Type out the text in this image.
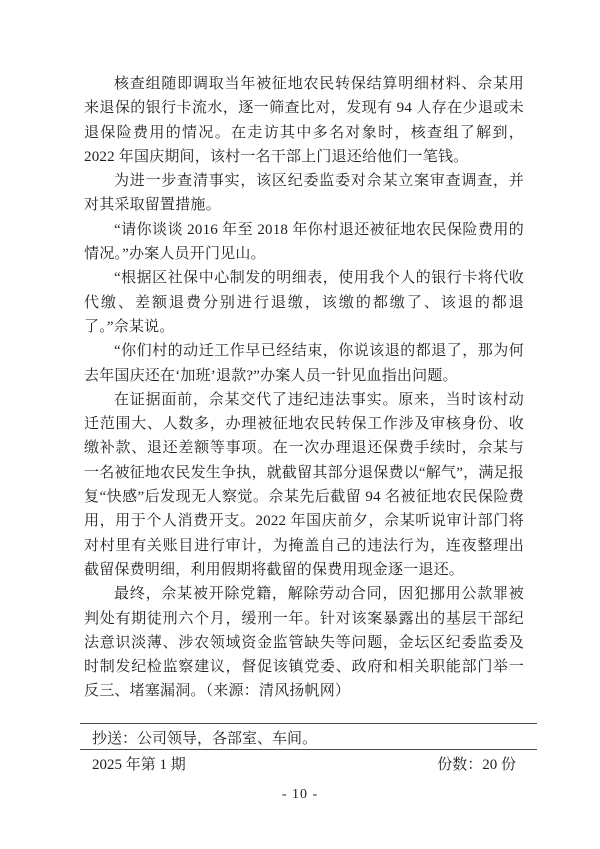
核查组随即调取当年被征地农民转保结算明细材料、佘某用来退保的银行卡流水，逐一筛查比对，发现有 94 人存在少退或未退保险费用的情况。在走访其中多名对象时，核查组了解到，2022 年国庆期间，该村一名干部上门退还给他们一笔钱。

为进一步查清事实，该区纪委监委对佘某立案审查调查，并对其采取留置措施。

“请你谈谈 2016 年至 2018 年你村退还被征地农民保险费用的情况。”办案人员开门见山。

“根据区社保中心制发的明细表，使用我个人的银行卡将代收代缴、差额退费分别进行退缴，该缴的都缴了、该退的都退了。”佘某说。

“你们村的动迁工作早已经结束，你说该退的都退了，那为何去年国庆还在‘加班’退款?”办案人员一针见血指出问题。

在证据面前，佘某交代了违纪违法事实。原来，当时该村动迁范围大、人数多，办理被征地农民转保工作涉及审核身份、收缴补款、退还差额等事项。在一次办理退还保费手续时，佘某与一名被征地农民发生争执，就截留其部分退保费以“解气”，满足报复“快感”后发现无人察觉。佘某先后截留 94 名被征地农民保险费用，用于个人消费开支。2022 年国庆前夕，佘某听说审计部门将对村里有关账目进行审计，为掩盖自己的违法行为，连夜整理出截留保费明细，利用假期将截留的保费用现金逐一退还。

最终，佘某被开除党籍，解除劳动合同，因犯挪用公款罪被判处有期徒刑六个月，缓刑一年。针对该案暴露出的基层干部纪法意识淡薄、涉农领域资金监管缺失等问题，金坛区纪委监委及时制发纪检监察建议，督促该镇党委、政府和相关职能部门举一反三、堵塞漏洞。（来源：清风扬帆网）

抄送：公司领导，各部室、车间。
2025 年第 1 期	份数：20 份
- 10 -
